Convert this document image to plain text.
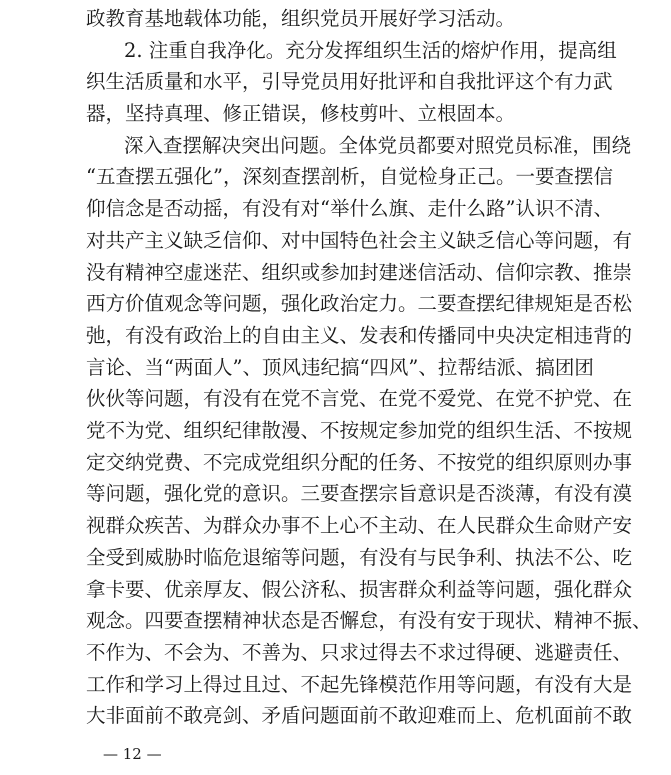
政教育基地载体功能，组织党员开展好学习活动。
2. 注重自我净化。充分发挥组织生活的熔炉作用，提高组
织生活质量和水平，引导党员用好批评和自我批评这个有力武
器，坚持真理、修正错误，修枝剪叶、立根固本。
深入查摆解决突出问题。全体党员都要对照党员标准，围绕
“五查摆五强化”，深刻查摆剖析，自觉检身正己。一要查摆信
仰信念是否动摇，有没有对“举什么旗、走什么路”认识不清、
对共产主义缺乏信仰、对中国特色社会主义缺乏信心等问题，有
没有精神空虚迷茫、组织或参加封建迷信活动、信仰宗教、推崇
西方价值观念等问题，强化政治定力。二要查摆纪律规矩是否松
弛，有没有政治上的自由主义、发表和传播同中央决定相违背的
言论、当“两面人”、顶风违纪搞“四风”、拉帮结派、搞团团
伙伙等问题，有没有在党不言党、在党不爱党、在党不护党、在
党不为党、组织纪律散漫、不按规定参加党的组织生活、不按规
定交纳党费、不完成党组织分配的任务、不按党的组织原则办事
等问题，强化党的意识。三要查摆宗旨意识是否淡薄，有没有漠
视群众疾苦、为群众办事不上心不主动、在人民群众生命财产安
全受到威胁时临危退缩等问题，有没有与民争利、执法不公、吃
拿卡要、优亲厚友、假公济私、损害群众利益等问题，强化群众
观念。四要查摆精神状态是否懈怠，有没有安于现状、精神不振、
不作为、不会为、不善为、只求过得去不求过得硬、逃避责任、
工作和学习上得过且过、不起先锋模范作用等问题，有没有大是
大非面前不敢亮剑、矛盾问题面前不敢迎难而上、危机面前不敢
— 12 —
